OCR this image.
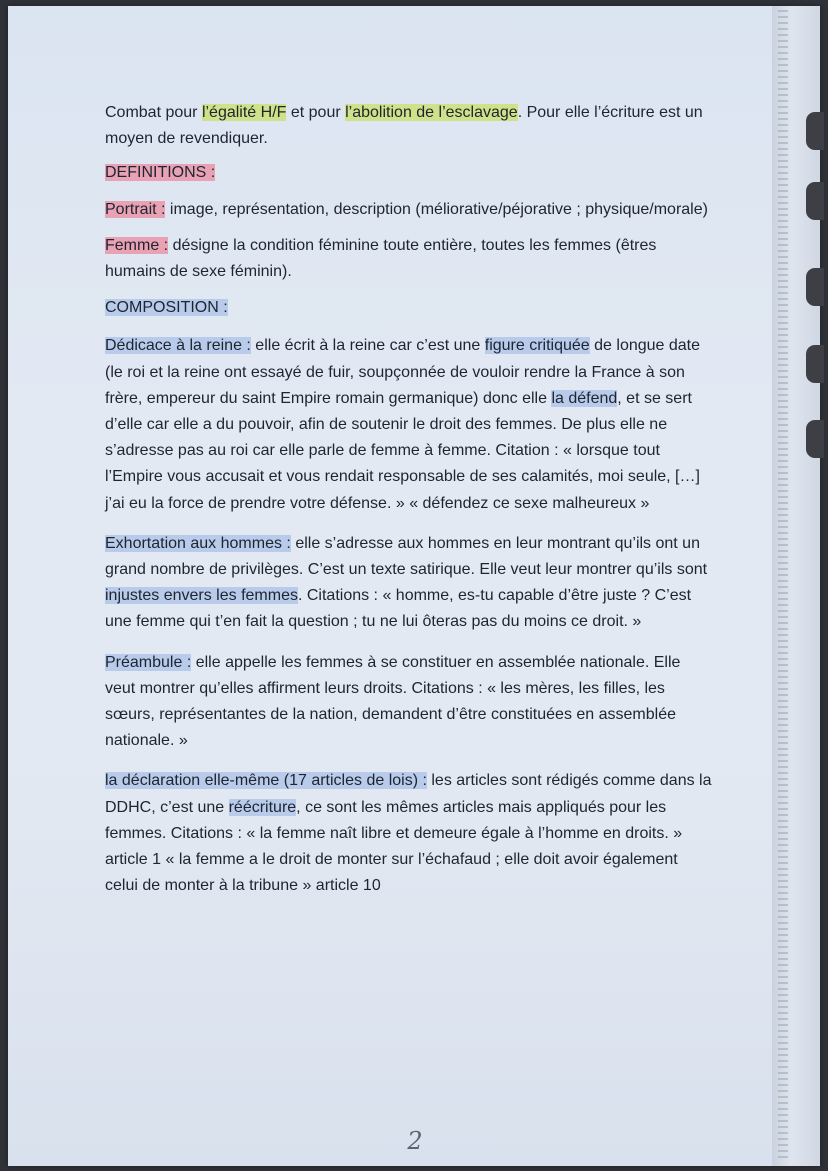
Combat pour l’égalité H/F et pour l’abolition de l’esclavage. Pour elle l’écriture est un moyen de revendiquer.

DEFINITIONS :

Portrait : image, représentation, description (méliorative/péjorative ; physique/morale)

Femme : désigne la condition féminine toute entière, toutes les femmes (êtres humains de sexe féminin).

COMPOSITION :

Dédicace à la reine : elle écrit à la reine car c’est une figure critiquée de longue date (le roi et la reine ont essayé de fuir, soupçonnée de vouloir rendre la France à son frère, empereur du saint Empire romain germanique) donc elle la défend, et se sert d’elle car elle a du pouvoir, afin de soutenir le droit des femmes. De plus elle ne s’adresse pas au roi car elle parle de femme à femme. Citation : « lorsque tout l’Empire vous accusait et vous rendait responsable de ses calamités, moi seule, […] j’ai eu la force de prendre votre défense. » « défendez ce sexe malheureux »

Exhortation aux hommes : elle s’adresse aux hommes en leur montrant qu’ils ont un grand nombre de privilèges. C’est un texte satirique. Elle veut leur montrer qu’ils sont injustes envers les femmes. Citations : « homme, es-tu capable d’être juste ? C’est une femme qui t’en fait la question ; tu ne lui ôteras pas du moins ce droit. »

Préambule : elle appelle les femmes à se constituer en assemblée nationale. Elle veut montrer qu’elles affirment leurs droits. Citations : « les mères, les filles, les sœurs, représentantes de la nation, demandent d’être constituées en assemblée nationale. »

la déclaration elle-même (17 articles de lois) : les articles sont rédigés comme dans la DDHC, c’est une réécriture, ce sont les mêmes articles mais appliqués pour les femmes. Citations : « la femme naît libre et demeure égale à l’homme en droits. » article 1 « la femme a le droit de monter sur l’échafaud ; elle doit avoir également celui de monter à la tribune » article 10

2
